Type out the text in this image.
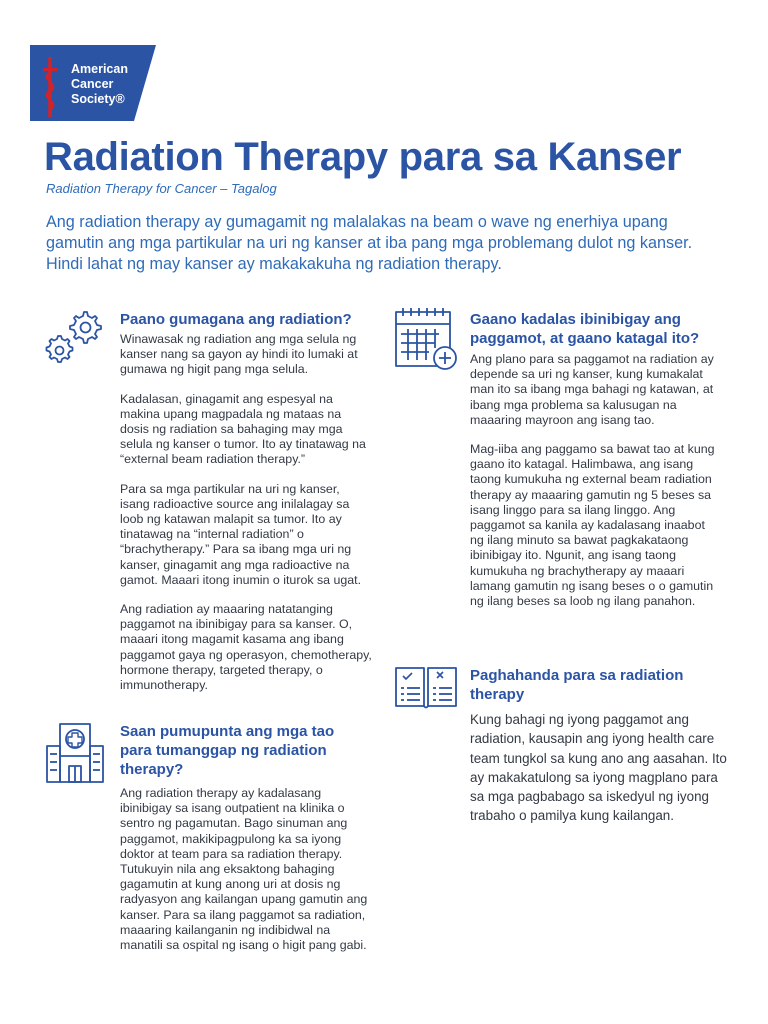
American
Cancer
Society®
Radiation Therapy para sa Kanser
Radiation Therapy for Cancer – Tagalog
Ang radiation therapy ay gumagamit ng malalakas na beam o wave ng enerhiya upang gamutin ang mga partikular na uri ng kanser at iba pang mga problemang dulot ng kanser. Hindi lahat ng may kanser ay makakakuha ng radiation therapy.
Paano gumagana ang radiation?

Winawasak ng radiation ang mga selula ng kanser nang sa gayon ay hindi ito lumaki at gumawa ng higit pang mga selula.

Kadalasan, ginagamit ang espesyal na makina upang magpadala ng mataas na dosis ng radiation sa bahaging may mga selula ng kanser o tumor. Ito ay tinatawag na “external beam radiation therapy.”

Para sa mga partikular na uri ng kanser, isang radioactive source ang inilalagay sa loob ng katawan malapit sa tumor. Ito ay tinatawag na “internal radiation” o “brachytherapy.” Para sa ibang mga uri ng kanser, ginagamit ang mga radioactive na gamot. Maaari itong inumin o iturok sa ugat.

Ang radiation ay maaaring natatanging paggamot na ibinibigay para sa kanser. O, maaari itong magamit kasama ang ibang paggamot gaya ng operasyon, chemotherapy, hormone therapy, targeted therapy, o immunotherapy.

Saan pumupunta ang mga tao para tumanggap ng radiation therapy?

Ang radiation therapy ay kadalasang ibinibigay sa isang outpatient na klinika o sentro ng pagamutan. Bago sinuman ang paggamot, makikipagpulong ka sa iyong doktor at team para sa radiation therapy. Tutukuyin nila ang eksaktong bahaging gagamutin at kung anong uri at dosis ng radyasyon ang kailangan upang gamutin ang kanser. Para sa ilang paggamot sa radiation, maaaring kailanganin ng indibidwal na manatili sa ospital ng isang o higit pang gabi.

Gaano kadalas ibinibigay ang paggamot, at gaano katagal ito?

Ang plano para sa paggamot na radiation ay depende sa uri ng kanser, kung kumakalat man ito sa ibang mga bahagi ng katawan, at ibang mga problema sa kalusugan na maaaring mayroon ang isang tao.

Mag-iiba ang paggamo sa bawat tao at kung gaano ito katagal. Halimbawa, ang isang taong kumukuha ng external beam radiation therapy ay maaaring gamutin ng 5 beses sa isang linggo para sa ilang linggo. Ang paggamot sa kanila ay kadalasang inaabot ng ilang minuto sa bawat pagkakataong ibinibigay ito. Ngunit, ang isang taong kumukuha ng brachytherapy ay maaari lamang gamutin ng isang beses o o gamutin ng ilang beses sa loob ng ilang panahon.

Paghahanda para sa radiation therapy

Kung bahagi ng iyong paggamot ang radiation, kausapin ang iyong health care team tungkol sa kung ano ang aasahan. Ito ay makakatulong sa iyong magplano para sa mga pagbabago sa iskedyul ng iyong trabaho o pamilya kung kailangan.
